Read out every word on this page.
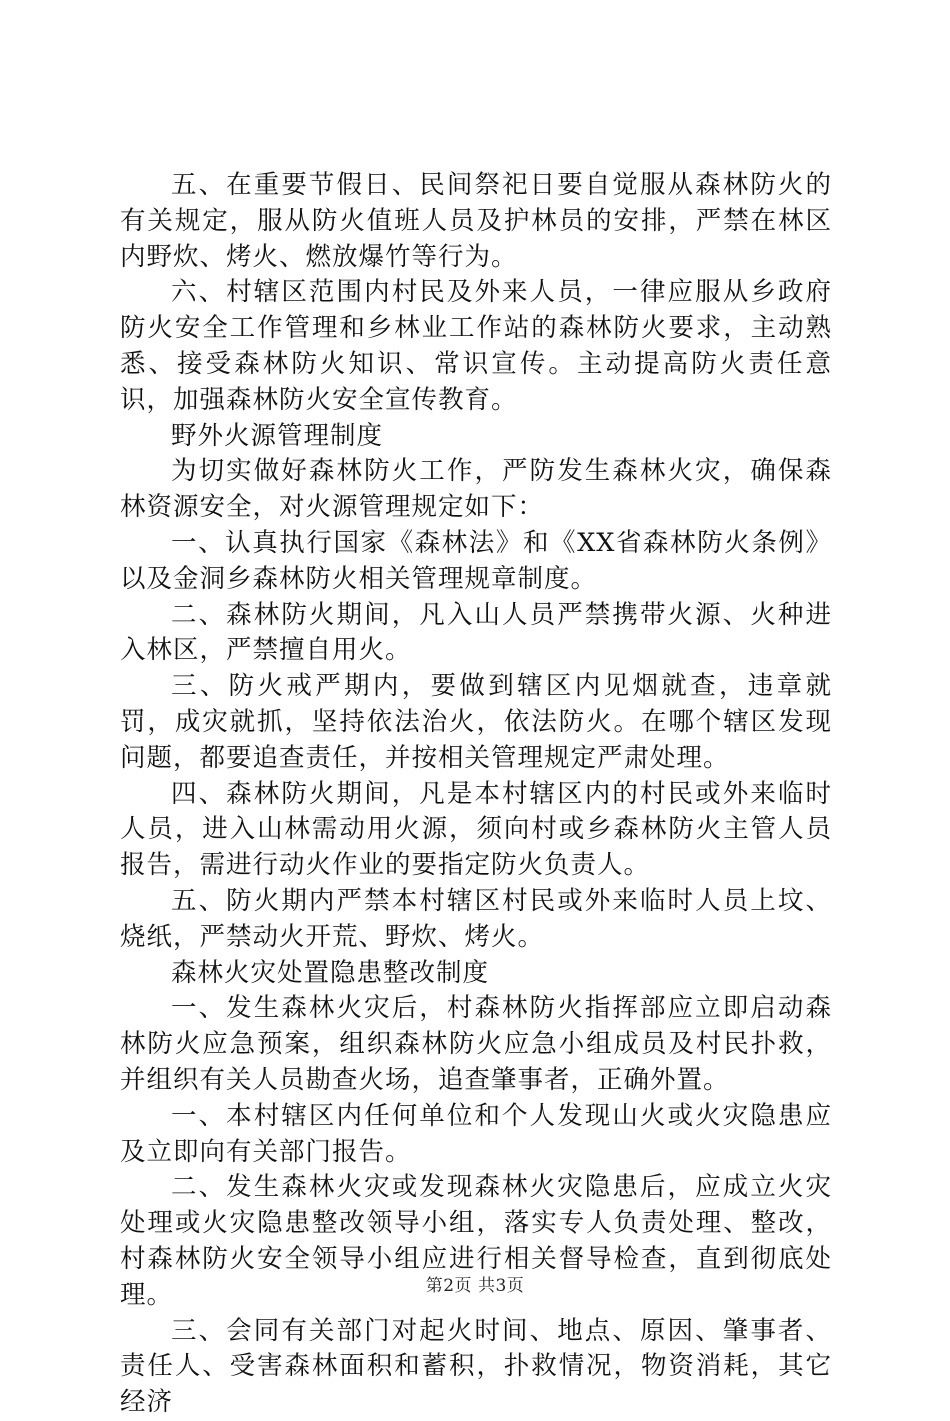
五、在重要节假日、民间祭祀日要自觉服从森林防火的有关规定，服从防火值班人员及护林员的安排，严禁在林区内野炊、烤火、燃放爆竹等行为。

六、村辖区范围内村民及外来人员，一律应服从乡政府防火安全工作管理和乡林业工作站的森林防火要求，主动熟悉、接受森林防火知识、常识宣传。主动提高防火责任意识，加强森林防火安全宣传教育。

野外火源管理制度

为切实做好森林防火工作，严防发生森林火灾，确保森林资源安全，对火源管理规定如下：

一、认真执行国家《森林法》和《XX省森林防火条例》以及金洞乡森林防火相关管理规章制度。

二、森林防火期间，凡入山人员严禁携带火源、火种进入林区，严禁擅自用火。

三、防火戒严期内，要做到辖区内见烟就查，违章就罚，成灾就抓，坚持依法治火，依法防火。在哪个辖区发现问题，都要追查责任，并按相关管理规定严肃处理。

四、森林防火期间，凡是本村辖区内的村民或外来临时人员，进入山林需动用火源，须向村或乡森林防火主管人员报告，需进行动火作业的要指定防火负责人。

五、防火期内严禁本村辖区村民或外来临时人员上坟、烧纸，严禁动火开荒、野炊、烤火。

森林火灾处置隐患整改制度

一、发生森林火灾后，村森林防火指挥部应立即启动森林防火应急预案，组织森林防火应急小组成员及村民扑救，并组织有关人员勘查火场，追查肇事者，正确外置。

一、本村辖区内任何单位和个人发现山火或火灾隐患应及立即向有关部门报告。

二、发生森林火灾或发现森林火灾隐患后，应成立火灾处理或火灾隐患整改领导小组，落实专人负责处理、整改，村森林防火安全领导小组应进行相关督导检查，直到彻底处理。

三、会同有关部门对起火时间、地点、原因、肇事者、责任人、受害森林面积和蓄积，扑救情况，物资消耗，其它经济

第2页 共3页
